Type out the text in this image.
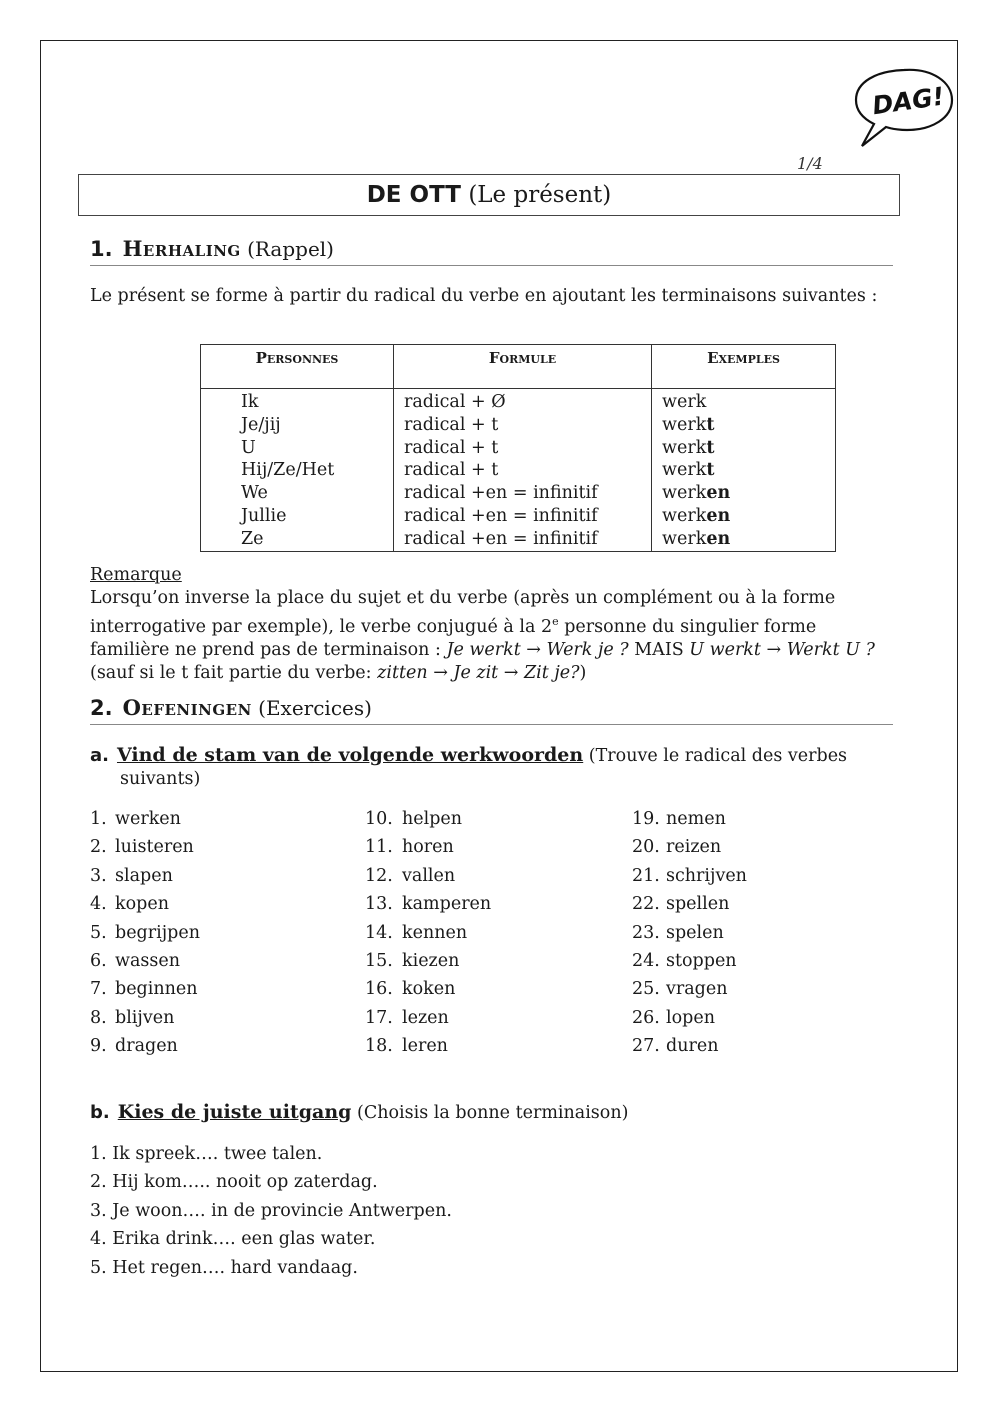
DAG!
1/4
DE OTT (Le présent)
1. Herhaling (Rappel)
Le présent se forme à partir du radical du verbe en ajoutant les terminaisons suivantes :
Personnes	Formule	Exemples
Ik	radical + Ø	werk
Je/jij	radical + t	werkt
U	radical + t	werkt
Hij/Ze/Het	radical + t	werkt
We	radical +en = infinitif	werken
Jullie	radical +en = infinitif	werken
Ze	radical +en = infinitif	werken
Remarque
Lorsqu’on inverse la place du sujet et du verbe (après un complément ou à la forme interrogative par exemple), le verbe conjugué à la 2e personne du singulier forme familière ne prend pas de terminaison : Je werkt → Werk je ? MAIS U werkt → Werkt U ? (sauf si le t fait partie du verbe: zitten → Je zit → Zit je?)
2. Oefeningen (Exercices)
a. Vind de stam van de volgende werkwoorden (Trouve le radical des verbes suivants)
1. werken
2. luisteren
3. slapen
4. kopen
5. begrijpen
6. wassen
7. beginnen
8. blijven
9. dragen
10. helpen
11. horen
12. vallen
13. kamperen
14. kennen
15. kiezen
16. koken
17. lezen
18. leren
19. nemen
20. reizen
21. schrijven
22. spellen
23. spelen
24. stoppen
25. vragen
26. lopen
27. duren
b. Kies de juiste uitgang (Choisis la bonne terminaison)
1. Ik spreek…. twee talen.
2. Hij kom….. nooit op zaterdag.
3. Je woon…. in de provincie Antwerpen.
4. Erika drink…. een glas water.
5. Het regen…. hard vandaag.
